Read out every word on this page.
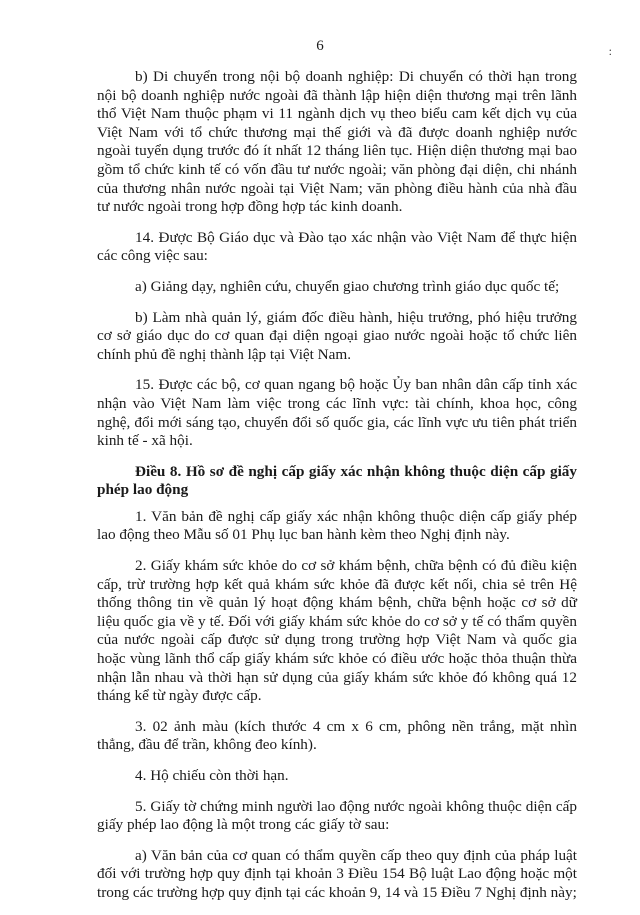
6	:

b) Di chuyển trong nội bộ doanh nghiệp: Di chuyển có thời hạn trong nội bộ doanh nghiệp nước ngoài đã thành lập hiện diện thương mại trên lãnh thổ Việt Nam thuộc phạm vi 11 ngành dịch vụ theo biểu cam kết dịch vụ của Việt Nam với tổ chức thương mại thế giới và đã được doanh nghiệp nước ngoài tuyển dụng trước đó ít nhất 12 tháng liên tục. Hiện diện thương mại bao gồm tổ chức kinh tế có vốn đầu tư nước ngoài; văn phòng đại diện, chi nhánh của thương nhân nước ngoài tại Việt Nam; văn phòng điều hành của nhà đầu tư nước ngoài trong hợp đồng hợp tác kinh doanh.

14. Được Bộ Giáo dục và Đào tạo xác nhận vào Việt Nam để thực hiện các công việc sau:

a) Giảng dạy, nghiên cứu, chuyển giao chương trình giáo dục quốc tế;

b) Làm nhà quản lý, giám đốc điều hành, hiệu trưởng, phó hiệu trưởng cơ sở giáo dục do cơ quan đại diện ngoại giao nước ngoài hoặc tổ chức liên chính phủ đề nghị thành lập tại Việt Nam.

15. Được các bộ, cơ quan ngang bộ hoặc Ủy ban nhân dân cấp tỉnh xác nhận vào Việt Nam làm việc trong các lĩnh vực: tài chính, khoa học, công nghệ, đổi mới sáng tạo, chuyển đổi số quốc gia, các lĩnh vực ưu tiên phát triển kinh tế - xã hội.

Điều 8. Hồ sơ đề nghị cấp giấy xác nhận không thuộc diện cấp giấy phép lao động

1. Văn bản đề nghị cấp giấy xác nhận không thuộc diện cấp giấy phép lao động theo Mẫu số 01 Phụ lục ban hành kèm theo Nghị định này.

2. Giấy khám sức khỏe do cơ sở khám bệnh, chữa bệnh có đủ điều kiện cấp, trừ trường hợp kết quả khám sức khỏe đã được kết nối, chia sẻ trên Hệ thống thông tin về quản lý hoạt động khám bệnh, chữa bệnh hoặc cơ sở dữ liệu quốc gia về y tế. Đối với giấy khám sức khỏe do cơ sở y tế có thẩm quyền của nước ngoài cấp được sử dụng trong trường hợp Việt Nam và quốc gia hoặc vùng lãnh thổ cấp giấy khám sức khỏe có điều ước hoặc thỏa thuận thừa nhận lẫn nhau và thời hạn sử dụng của giấy khám sức khỏe đó không quá 12 tháng kể từ ngày được cấp.

3. 02 ảnh màu (kích thước 4 cm x 6 cm, phông nền trắng, mặt nhìn thẳng, đầu để trần, không đeo kính).

4. Hộ chiếu còn thời hạn.

5. Giấy tờ chứng minh người lao động nước ngoài không thuộc diện cấp giấy phép lao động là một trong các giấy tờ sau:

a) Văn bản của cơ quan có thẩm quyền cấp theo quy định của pháp luật đối với trường hợp quy định tại khoản 3 Điều 154 Bộ luật Lao động hoặc một trong các trường hợp quy định tại các khoản 9, 14 và 15 Điều 7 Nghị định này;
